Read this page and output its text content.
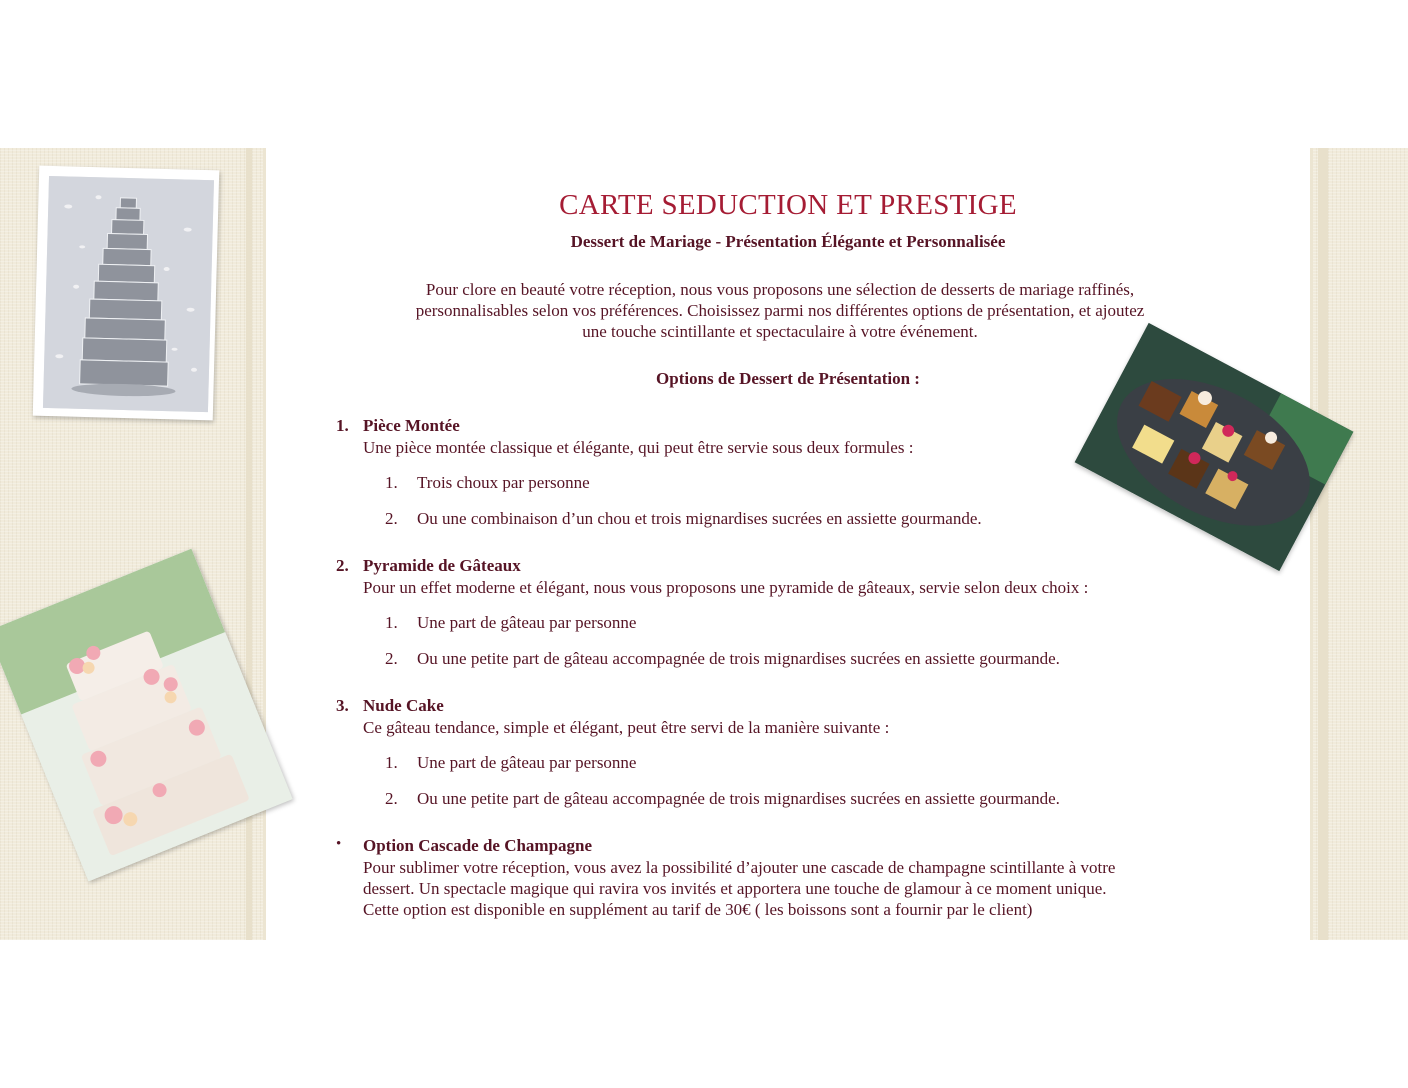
CARTE SEDUCTION ET PRESTIGE
Dessert de Mariage - Présentation Élégante et Personnalisée
Pour clore en beauté votre réception, nous vous proposons une sélection de desserts de mariage raffinés,
personnalisables selon vos préférences. Choisissez parmi nos différentes options de présentation, et ajoutez
une touche scintillante et spectaculaire à votre événement.
Options de Dessert de Présentation :
1. Pièce Montée
Une pièce montée classique et élégante, qui peut être servie sous deux formules :
1. Trois choux par personne
2. Ou une combinaison d’un chou et trois mignardises sucrées en assiette gourmande.
2. Pyramide de Gâteaux
Pour un effet moderne et élégant, nous vous proposons une pyramide de gâteaux, servie selon deux choix :
1. Une part de gâteau par personne
2. Ou une petite part de gâteau accompagnée de trois mignardises sucrées en assiette gourmande.
3. Nude Cake
Ce gâteau tendance, simple et élégant, peut être servi de la manière suivante :
1. Une part de gâteau par personne
2. Ou une petite part de gâteau accompagnée de trois mignardises sucrées en assiette gourmande.
• Option Cascade de Champagne
Pour sublimer votre réception, vous avez la possibilité d’ajouter une cascade de champagne scintillante à votre
dessert. Un spectacle magique qui ravira vos invités et apportera une touche de glamour à ce moment unique.
Cette option est disponible en supplément au tarif de 30€ ( les boissons sont a fournir par le client)
